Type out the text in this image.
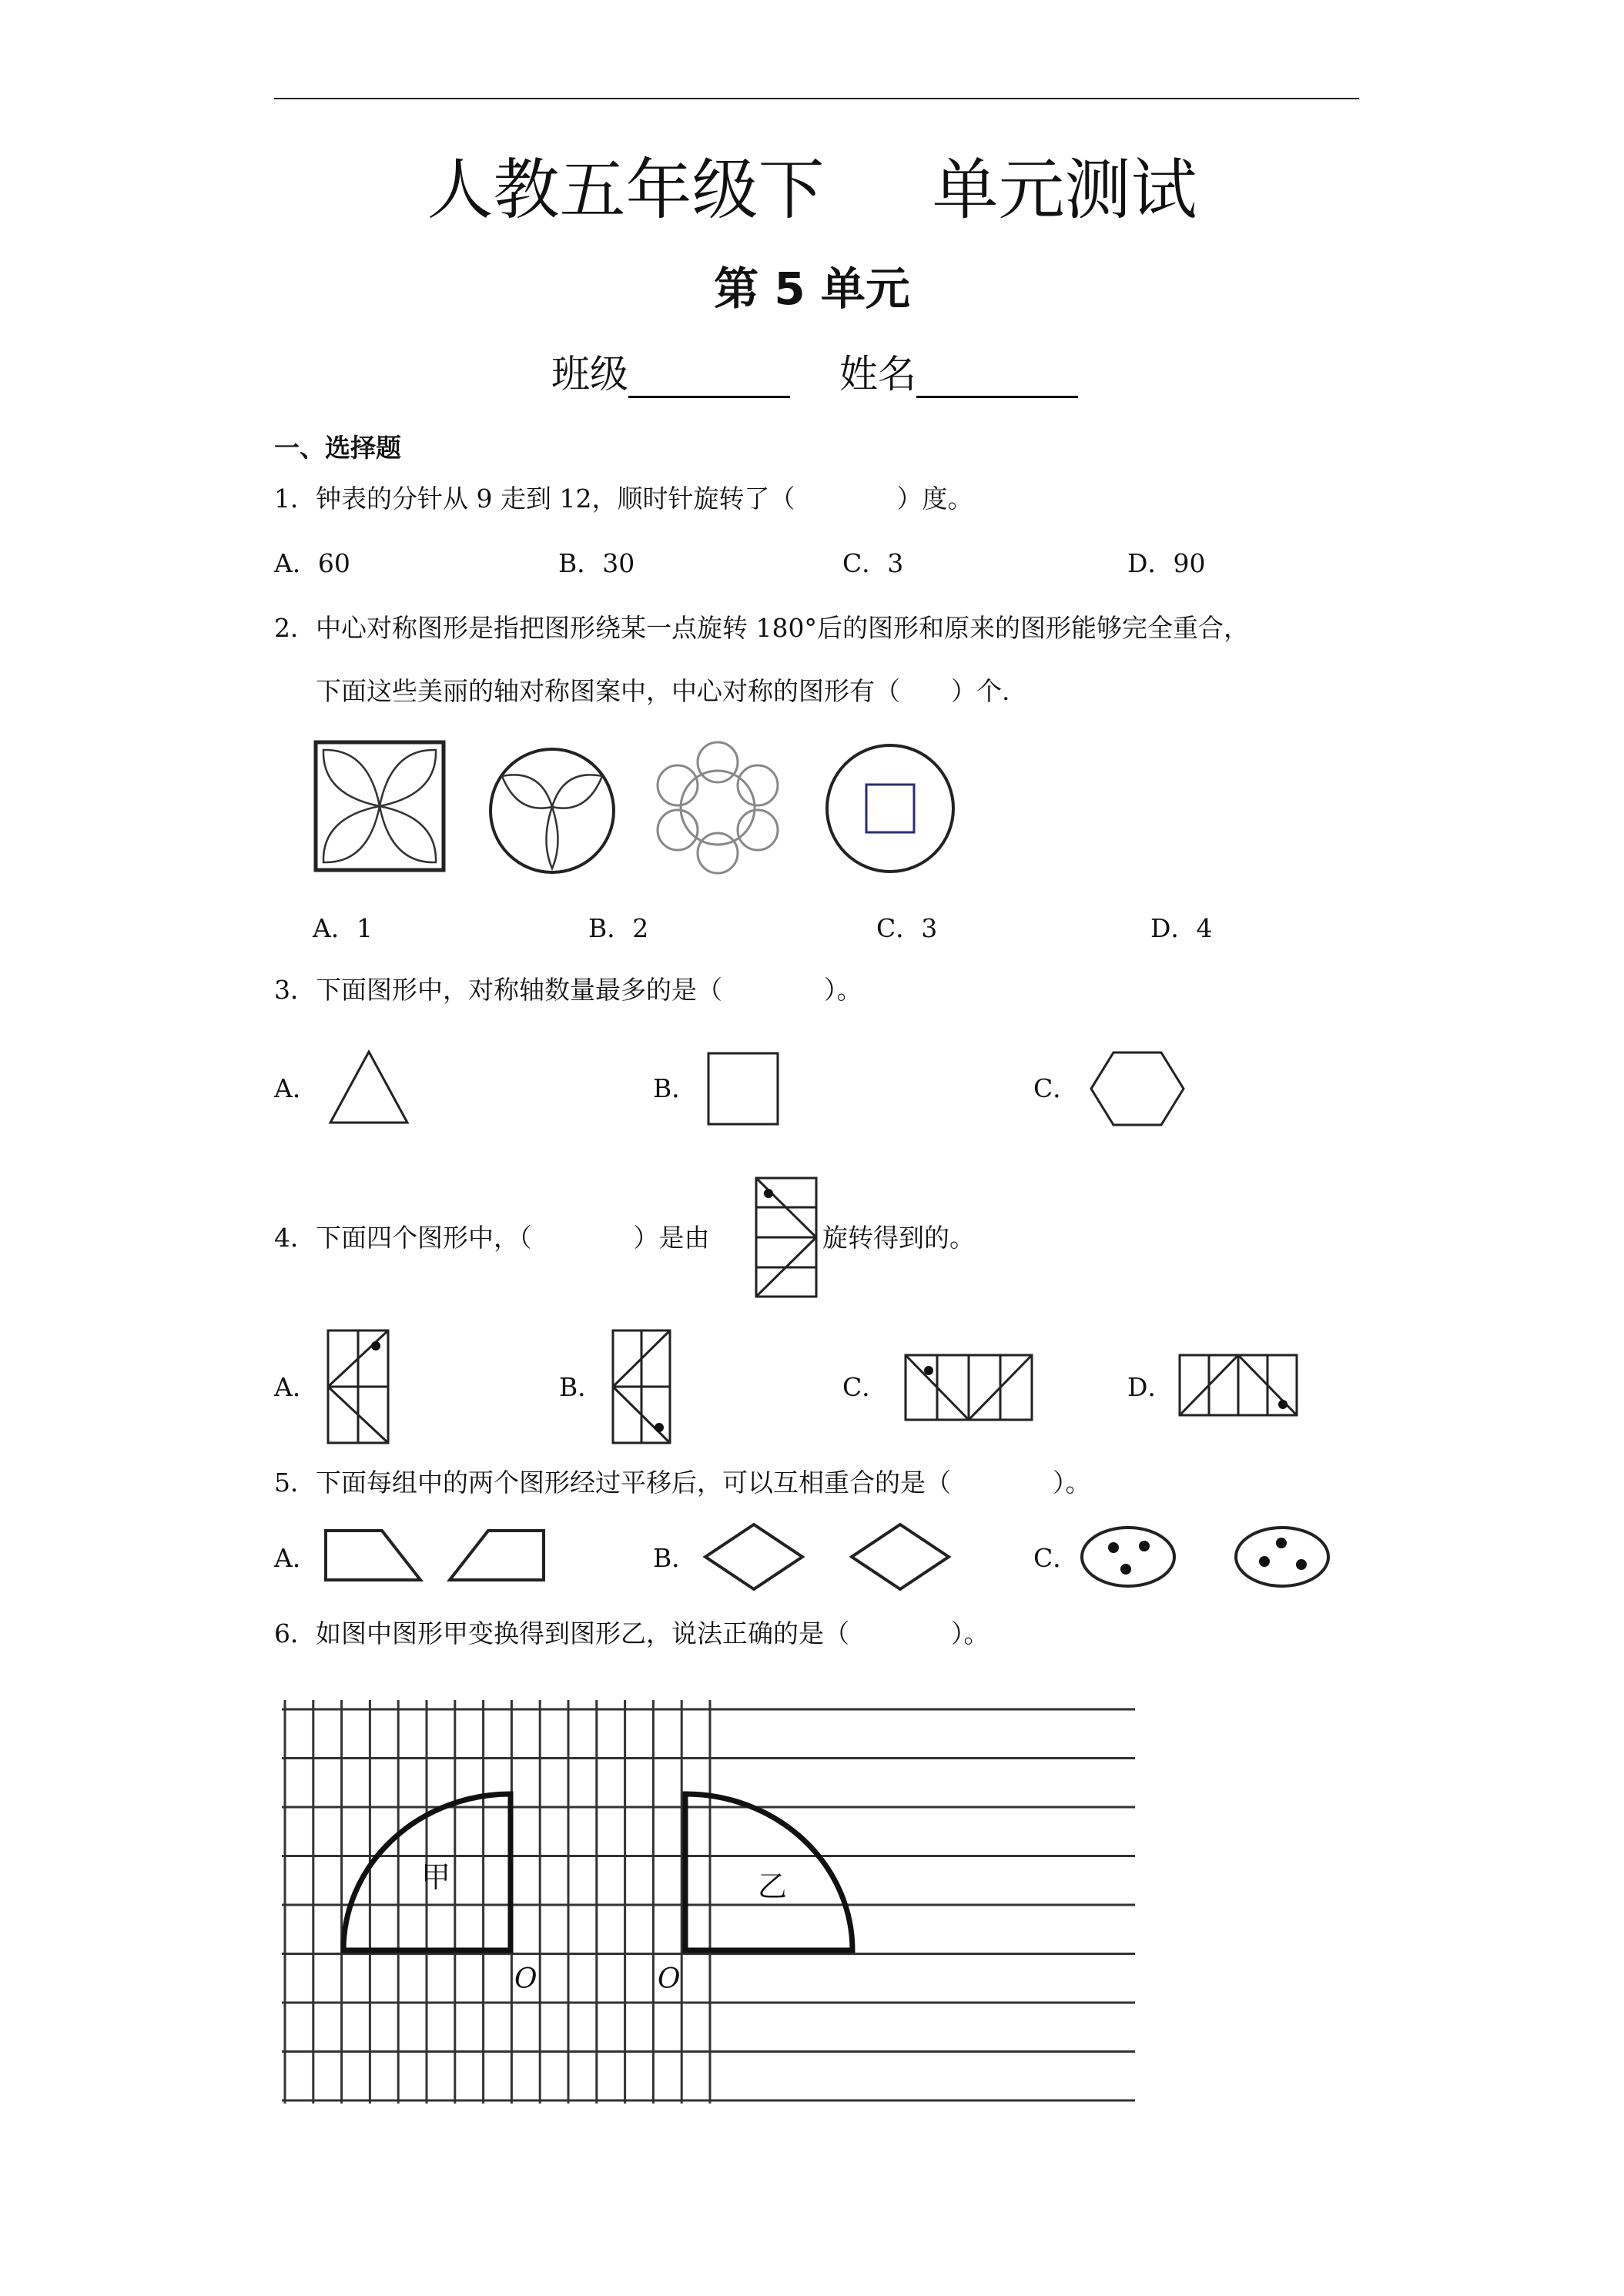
人教五年级下 单元测试
第 5 单元
班级	姓名
一、选择题
1．钟表的分针从 9 走到 12，顺时针旋转了（　　　　）度。
A．60	B．30	C．3	D．90
2．中心对称图形是指把图形绕某一点旋转 180°后的图形和原来的图形能够完全重合，
下面这些美丽的轴对称图案中，中心对称的图形有（　　）个.
A．1	B．2	C．3	D．4
3．下面图形中，对称轴数量最多的是（　　　　）。
A．	B．	C．
4．下面四个图形中，（　　　　）是由	旋转得到的。
A．	B．	C．	D．
5．下面每组中的两个图形经过平移后，可以互相重合的是（　　　　）。
A．	B．	C．
6．如图中图形甲变换得到图形乙，说法正确的是（　　　　）。
甲	乙
O	O
